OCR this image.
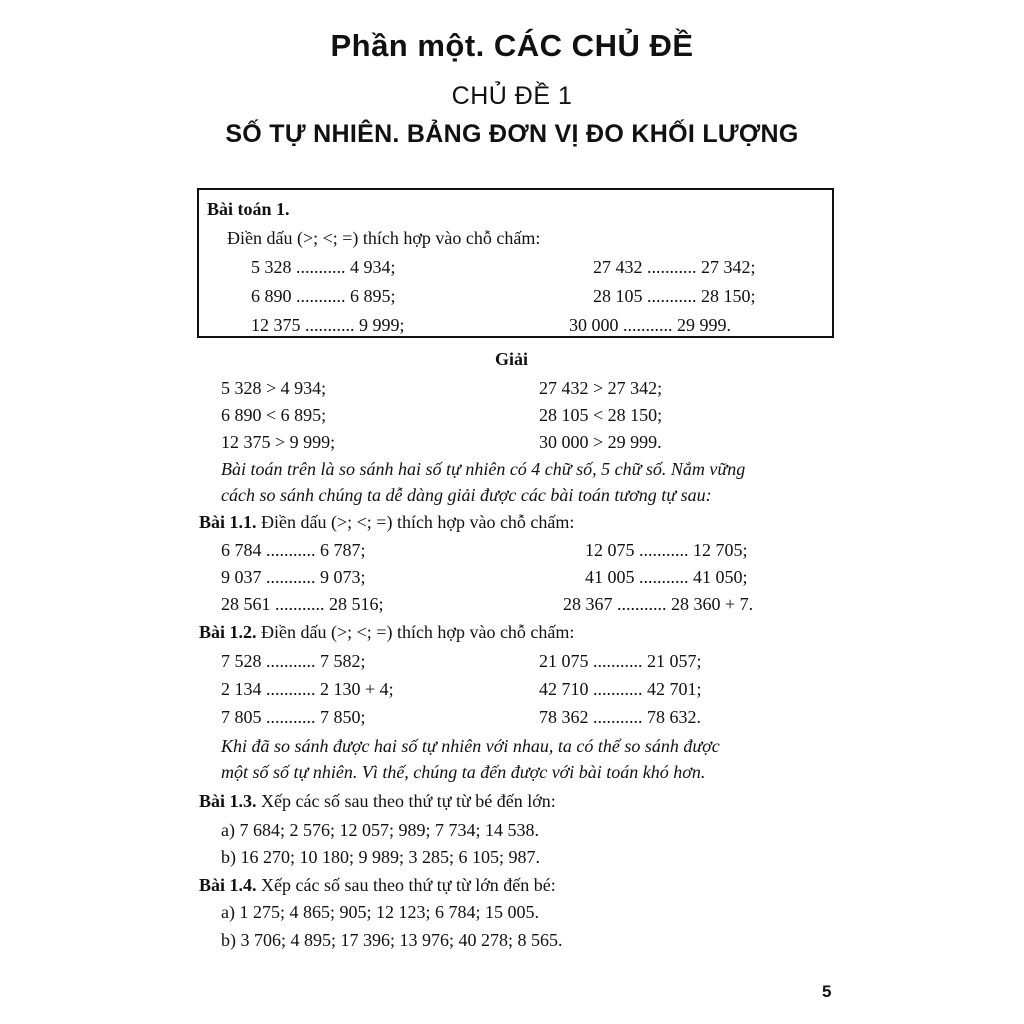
Phần một. CÁC CHỦ ĐỀ
CHỦ ĐỀ 1
SỐ TỰ NHIÊN. BẢNG ĐƠN VỊ ĐO KHỐI LƯỢNG
Bài toán 1.
Điền dấu (>; <; =) thích hợp vào chỗ chấm:
5 328 ........... 4 934;	27 432 ........... 27 342;
6 890 ........... 6 895;	28 105 ........... 28 150;
12 375 ........... 9 999;	30 000 ........... 29 999.
Giải
5 328 > 4 934;	27 432 > 27 342;
6 890 < 6 895;	28 105 < 28 150;
12 375 > 9 999;	30 000 > 29 999.
Bài toán trên là so sánh hai số tự nhiên có 4 chữ số, 5 chữ số. Nắm vững
cách so sánh chúng ta dễ dàng giải được các bài toán tương tự sau:
Bài 1.1. Điền dấu (>; <; =) thích hợp vào chỗ chấm:
6 784 ........... 6 787;	12 075 ........... 12 705;
9 037 ........... 9 073;	41 005 ........... 41 050;
28 561 ........... 28 516;	28 367 ........... 28 360 + 7.
Bài 1.2. Điền dấu (>; <; =) thích hợp vào chỗ chấm:
7 528 ........... 7 582;	21 075 ........... 21 057;
2 134 ........... 2 130 + 4;	42 710 ........... 42 701;
7 805 ........... 7 850;	78 362 ........... 78 632.
Khi đã so sánh được hai số tự nhiên với nhau, ta có thể so sánh được
một số số tự nhiên. Vì thế, chúng ta đến được với bài toán khó hơn.
Bài 1.3. Xếp các số sau theo thứ tự từ bé đến lớn:
a) 7 684; 2 576; 12 057; 989; 7 734; 14 538.
b) 16 270; 10 180; 9 989; 3 285; 6 105; 987.
Bài 1.4. Xếp các số sau theo thứ tự từ lớn đến bé:
a) 1 275; 4 865; 905; 12 123; 6 784; 15 005.
b) 3 706; 4 895; 17 396; 13 976; 40 278; 8 565.
5
